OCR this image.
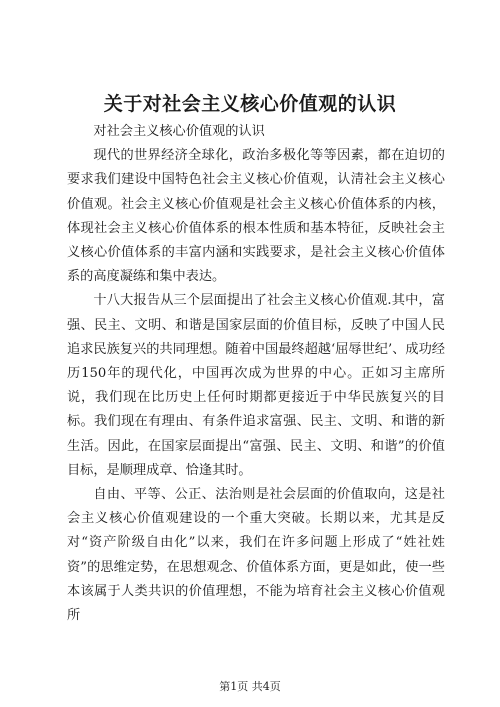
关于对社会主义核心价值观的认识

对社会主义核心价值观的认识

现代的世界经济全球化，政治多极化等等因素，都在迫切的要求我们建设中国特色社会主义核心价值观，认清社会主义核心价值观。社会主义核心价值观是社会主义核心价值体系的内核，体现社会主义核心价值体系的根本性质和基本特征，反映社会主义核心价值体系的丰富内涵和实践要求，是社会主义核心价值体系的高度凝练和集中表达。

十八大报告从三个层面提出了社会主义核心价值观.其中，富强、民主、文明、和谐是国家层面的价值目标，反映了中国人民追求民族复兴的共同理想。随着中国最终超越‘屈辱世纪’、成功经历150年的现代化，中国再次成为世界的中心。正如习主席所说，我们现在比历史上任何时期都更接近于中华民族复兴的目标。我们现在有理由、有条件追求富强、民主、文明、和谐的新生活。因此，在国家层面提出“富强、民主、文明、和谐”的价值目标，是顺理成章、恰逢其时。

自由、平等、公正、法治则是社会层面的价值取向，这是社会主义核心价值观建设的一个重大突破。长期以来，尤其是反对“资产阶级自由化”以来，我们在许多问题上形成了“姓社姓资”的思维定势，在思想观念、价值体系方面，更是如此，使一些本该属于人类共识的价值理想，不能为培育社会主义核心价值观所

第1页 共4页
